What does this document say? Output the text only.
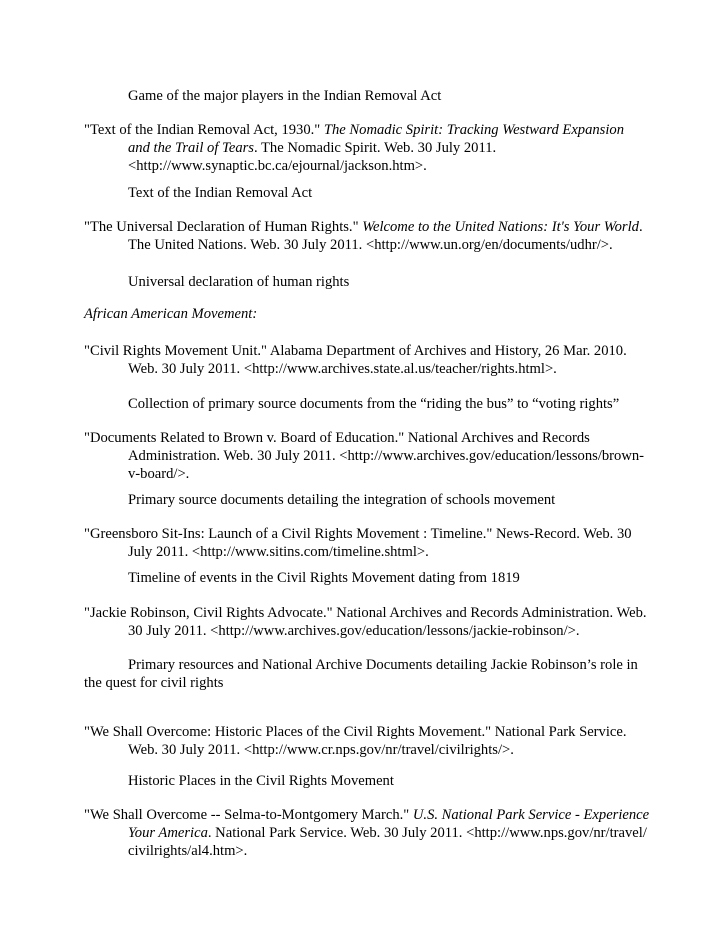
Game of the major players in the Indian Removal Act
"Text of the Indian Removal Act, 1930." The Nomadic Spirit: Tracking Westward Expansion
and the Trail of Tears. The Nomadic Spirit. Web. 30 July 2011.
<http://www.synaptic.bc.ca/ejournal/jackson.htm>.
Text of the Indian Removal Act
"The Universal Declaration of Human Rights." Welcome to the United Nations: It's Your World.
The United Nations. Web. 30 July 2011. <http://www.un.org/en/documents/udhr/>.
Universal declaration of human rights
African American Movement:
"Civil Rights Movement Unit." Alabama Department of Archives and History, 26 Mar. 2010.
Web. 30 July 2011. <http://www.archives.state.al.us/teacher/rights.html>.
Collection of primary source documents from the “riding the bus” to “voting rights”
"Documents Related to Brown v. Board of Education." National Archives and Records
Administration. Web. 30 July 2011. <http://www.archives.gov/education/lessons/brown-
v-board/>.
Primary source documents detailing the integration of schools movement
"Greensboro Sit-Ins: Launch of a Civil Rights Movement : Timeline." News-Record. Web. 30
July 2011. <http://www.sitins.com/timeline.shtml>.
Timeline of events in the Civil Rights Movement dating from 1819
"Jackie Robinson, Civil Rights Advocate." National Archives and Records Administration. Web.
30 July 2011. <http://www.archives.gov/education/lessons/jackie-robinson/>.
Primary resources and National Archive Documents detailing Jackie Robinson’s role in
the quest for civil rights
"We Shall Overcome: Historic Places of the Civil Rights Movement." National Park Service.
Web. 30 July 2011. <http://www.cr.nps.gov/nr/travel/civilrights/>.
Historic Places in the Civil Rights Movement
"We Shall Overcome -- Selma-to-Montgomery March." U.S. National Park Service - Experience
Your America. National Park Service. Web. 30 July 2011. <http://www.nps.gov/nr/travel/
civilrights/al4.htm>.
